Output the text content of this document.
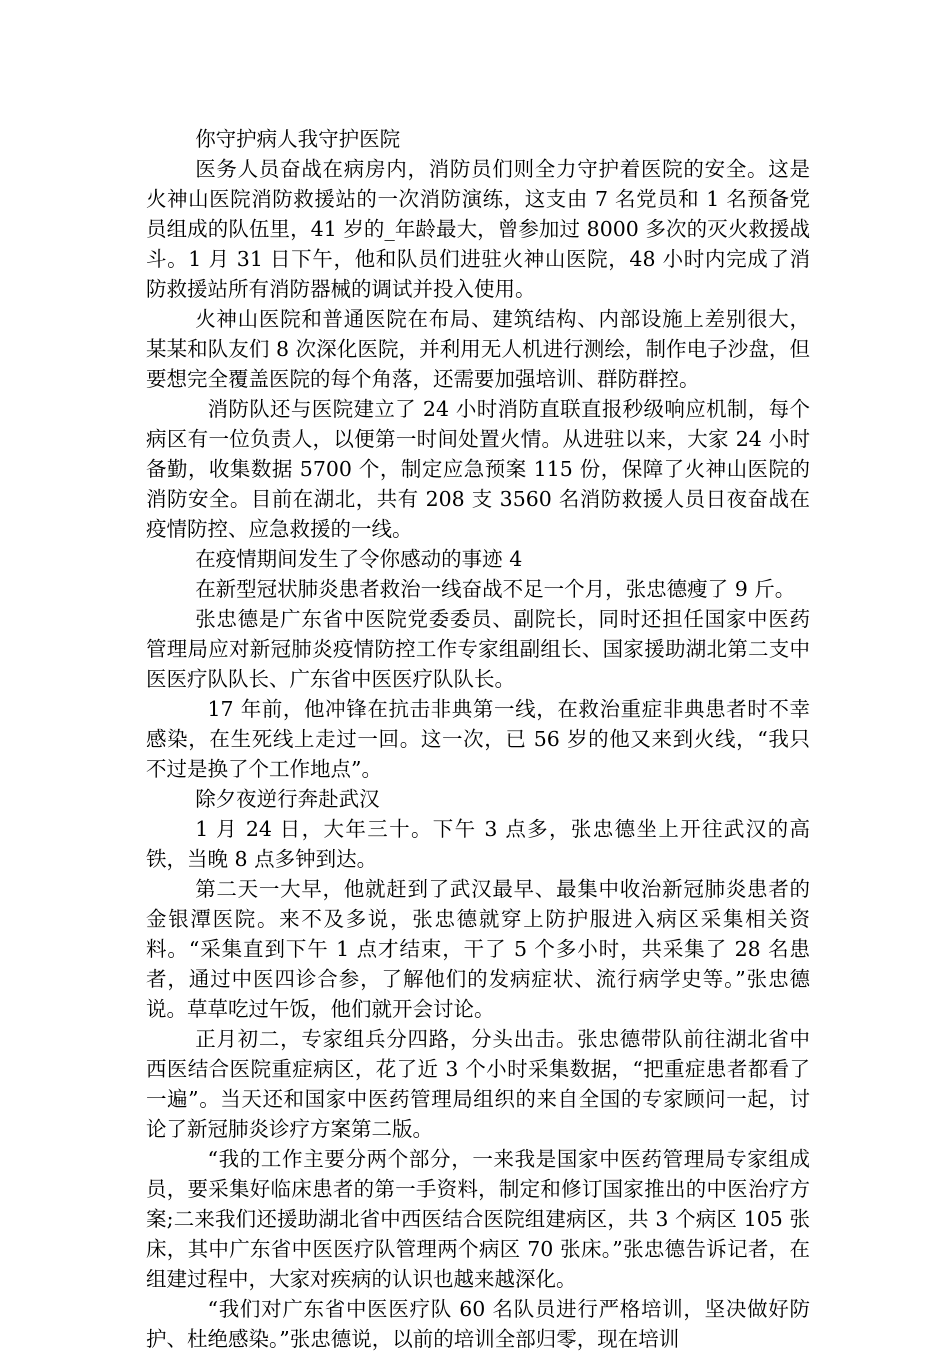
你守护病人我守护医院

医务人员奋战在病房内，消防员们则全力守护着医院的安全。这是火神山医院消防救援站的一次消防演练，这支由 7 名党员和 1 名预备党员组成的队伍里，41 岁的_年龄最大，曾参加过 8000 多次的灭火救援战斗。1 月 31 日下午，他和队员们进驻火神山医院，48 小时内完成了消防救援站所有消防器械的调试并投入使用。

火神山医院和普通医院在布局、建筑结构、内部设施上差别很大，某某和队友们 8 次深化医院，并利用无人机进行测绘，制作电子沙盘，但要想完全覆盖医院的每个角落，还需要加强培训、群防群控。

消防队还与医院建立了 24 小时消防直联直报秒级响应机制，每个病区有一位负责人，以便第一时间处置火情。从进驻以来，大家 24 小时备勤，收集数据 5700 个，制定应急预案 115 份，保障了火神山医院的消防安全。目前在湖北，共有 208 支 3560 名消防救援人员日夜奋战在疫情防控、应急救援的一线。

在疫情期间发生了令你感动的事迹 4

在新型冠状肺炎患者救治一线奋战不足一个月，张忠德瘦了 9 斤。

张忠德是广东省中医院党委委员、副院长，同时还担任国家中医药管理局应对新冠肺炎疫情防控工作专家组副组长、国家援助湖北第二支中医医疗队队长、广东省中医医疗队队长。

17 年前，他冲锋在抗击非典第一线，在救治重症非典患者时不幸感染，在生死线上走过一回。这一次，已 56 岁的他又来到火线，“我只不过是换了个工作地点”。

除夕夜逆行奔赴武汉

1 月 24 日，大年三十。下午 3 点多，张忠德坐上开往武汉的高铁，当晚 8 点多钟到达。

第二天一大早，他就赶到了武汉最早、最集中收治新冠肺炎患者的金银潭医院。来不及多说，张忠德就穿上防护服进入病区采集相关资料。“采集直到下午 1 点才结束，干了 5 个多小时，共采集了 28 名患者，通过中医四诊合参，了解他们的发病症状、流行病学史等。”张忠德说。草草吃过午饭，他们就开会讨论。

正月初二，专家组兵分四路，分头出击。张忠德带队前往湖北省中西医结合医院重症病区，花了近 3 个小时采集数据，“把重症患者都看了一遍”。当天还和国家中医药管理局组织的来自全国的专家顾问一起，讨论了新冠肺炎诊疗方案第二版。

“我的工作主要分两个部分，一来我是国家中医药管理局专家组成员，要采集好临床患者的第一手资料，制定和修订国家推出的中医治疗方案;二来我们还援助湖北省中西医结合医院组建病区，共 3 个病区 105 张床，其中广东省中医医疗队管理两个病区 70 张床。”张忠德告诉记者，在组建过程中，大家对疾病的认识也越来越深化。

“我们对广东省中医医疗队 60 名队员进行严格培训，坚决做好防护、杜绝感染。”张忠德说，以前的培训全部归零，现在培训
